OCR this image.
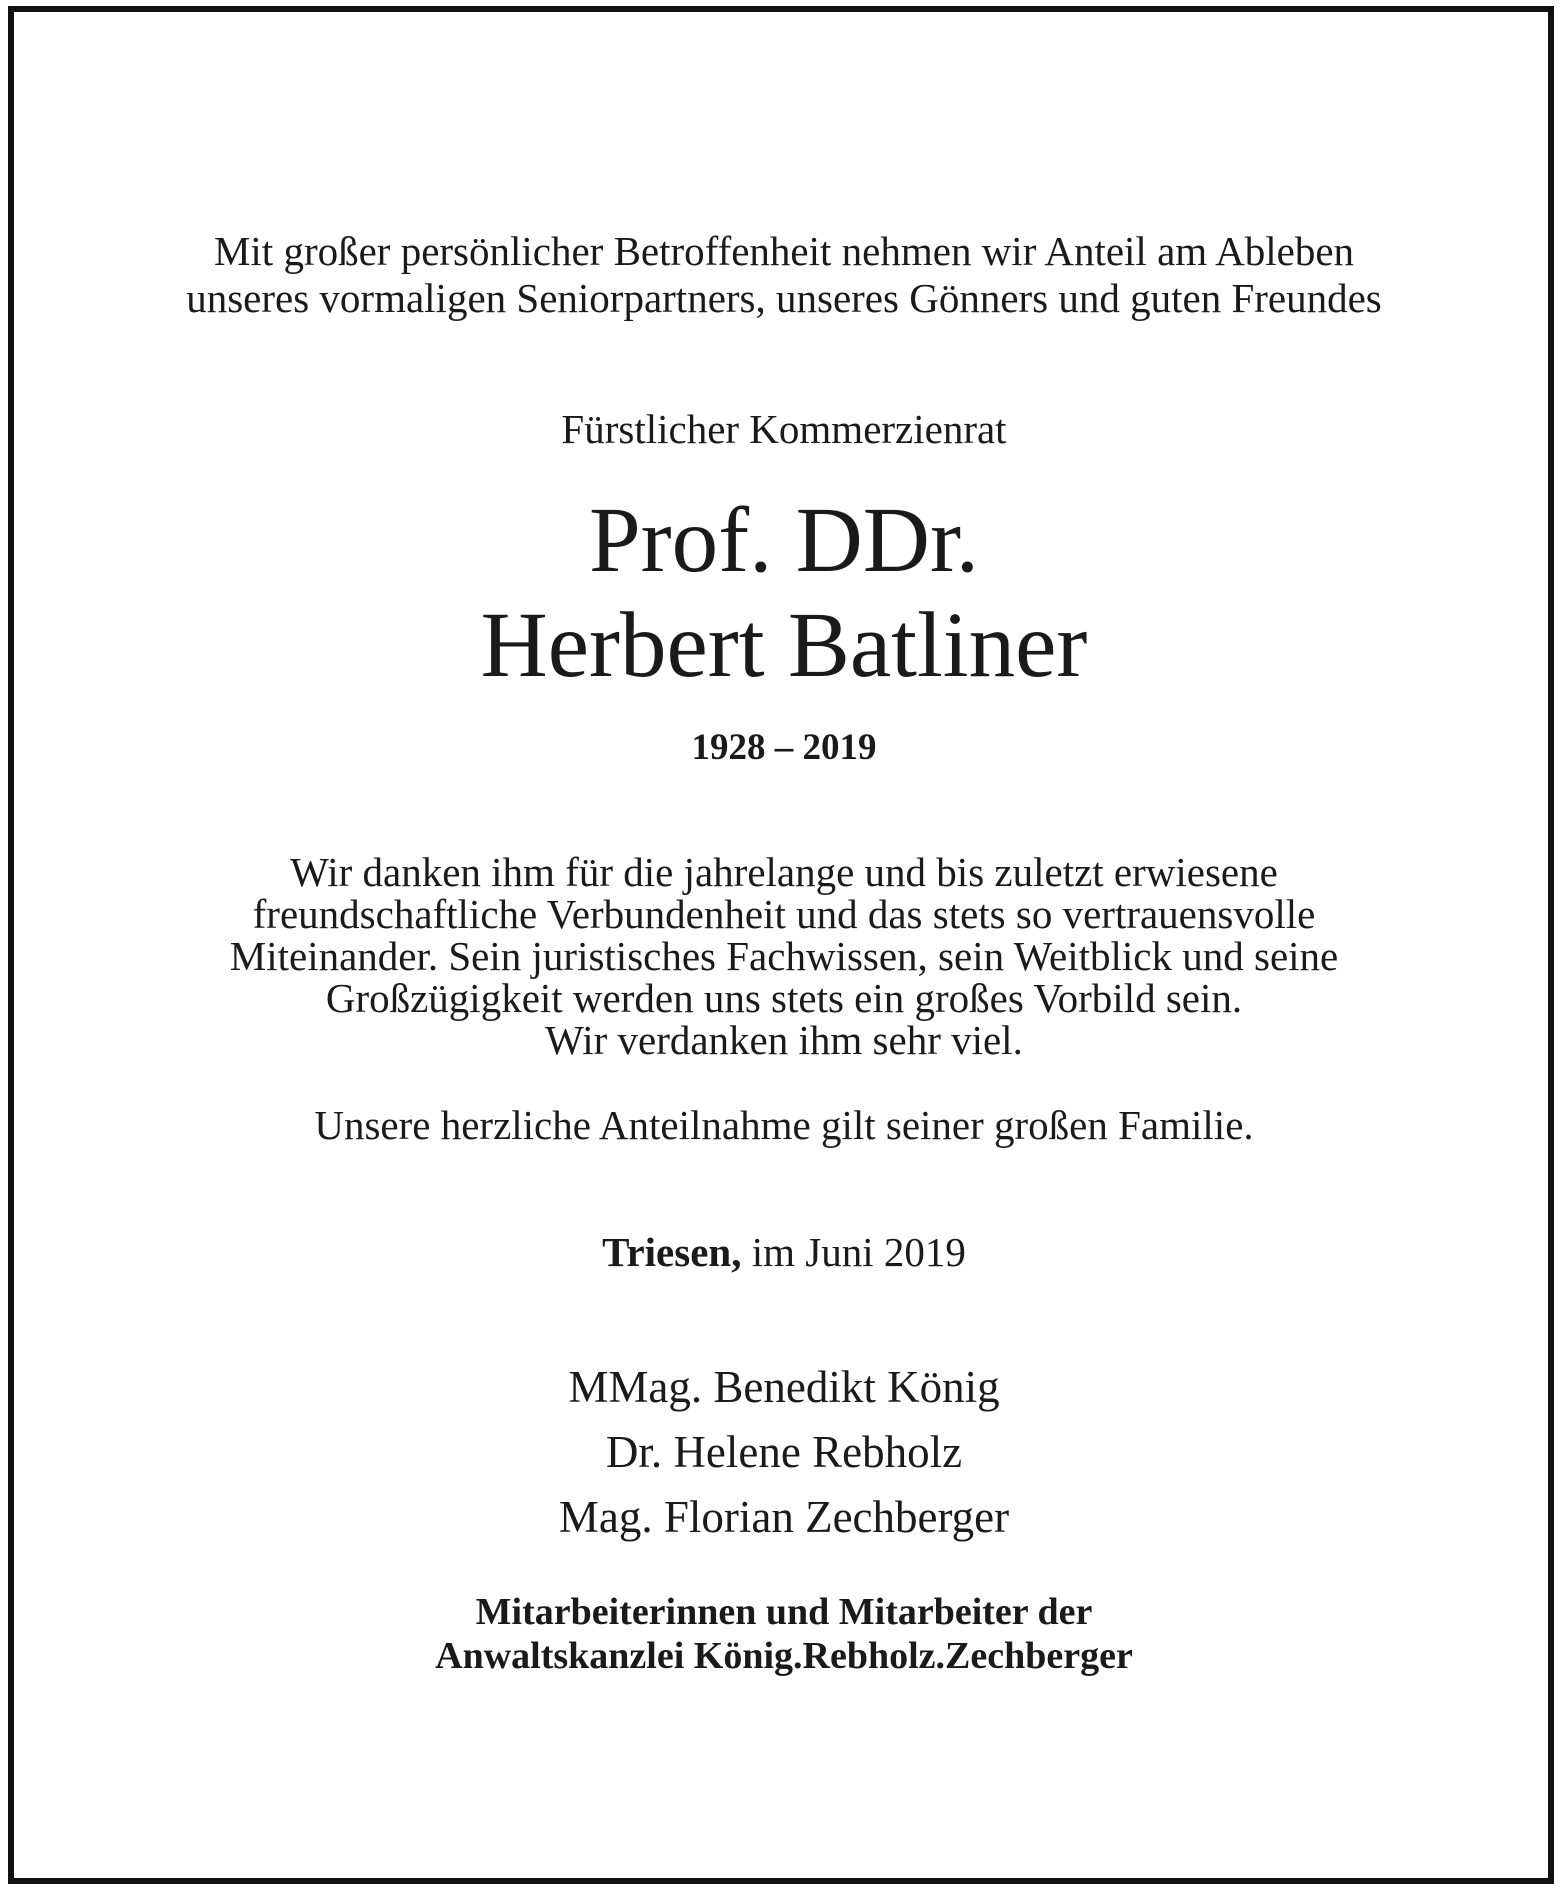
Mit großer persönlicher Betroffenheit nehmen wir Anteil am Ableben
unseres vormaligen Seniorpartners, unseres Gönners und guten Freundes
Fürstlicher Kommerzienrat
Prof. DDr.
Herbert Batliner
1928 – 2019
Wir danken ihm für die jahrelange und bis zuletzt erwiesene
freundschaftliche Verbundenheit und das stets so vertrauensvolle
Miteinander. Sein juristisches Fachwissen, sein Weitblick und seine
Großzügigkeit werden uns stets ein großes Vorbild sein.
Wir verdanken ihm sehr viel.
Unsere herzliche Anteilnahme gilt seiner großen Familie.
Triesen, im Juni 2019
MMag. Benedikt König
Dr. Helene Rebholz
Mag. Florian Zechberger
Mitarbeiterinnen und Mitarbeiter der
Anwaltskanzlei König.Rebholz.Zechberger
